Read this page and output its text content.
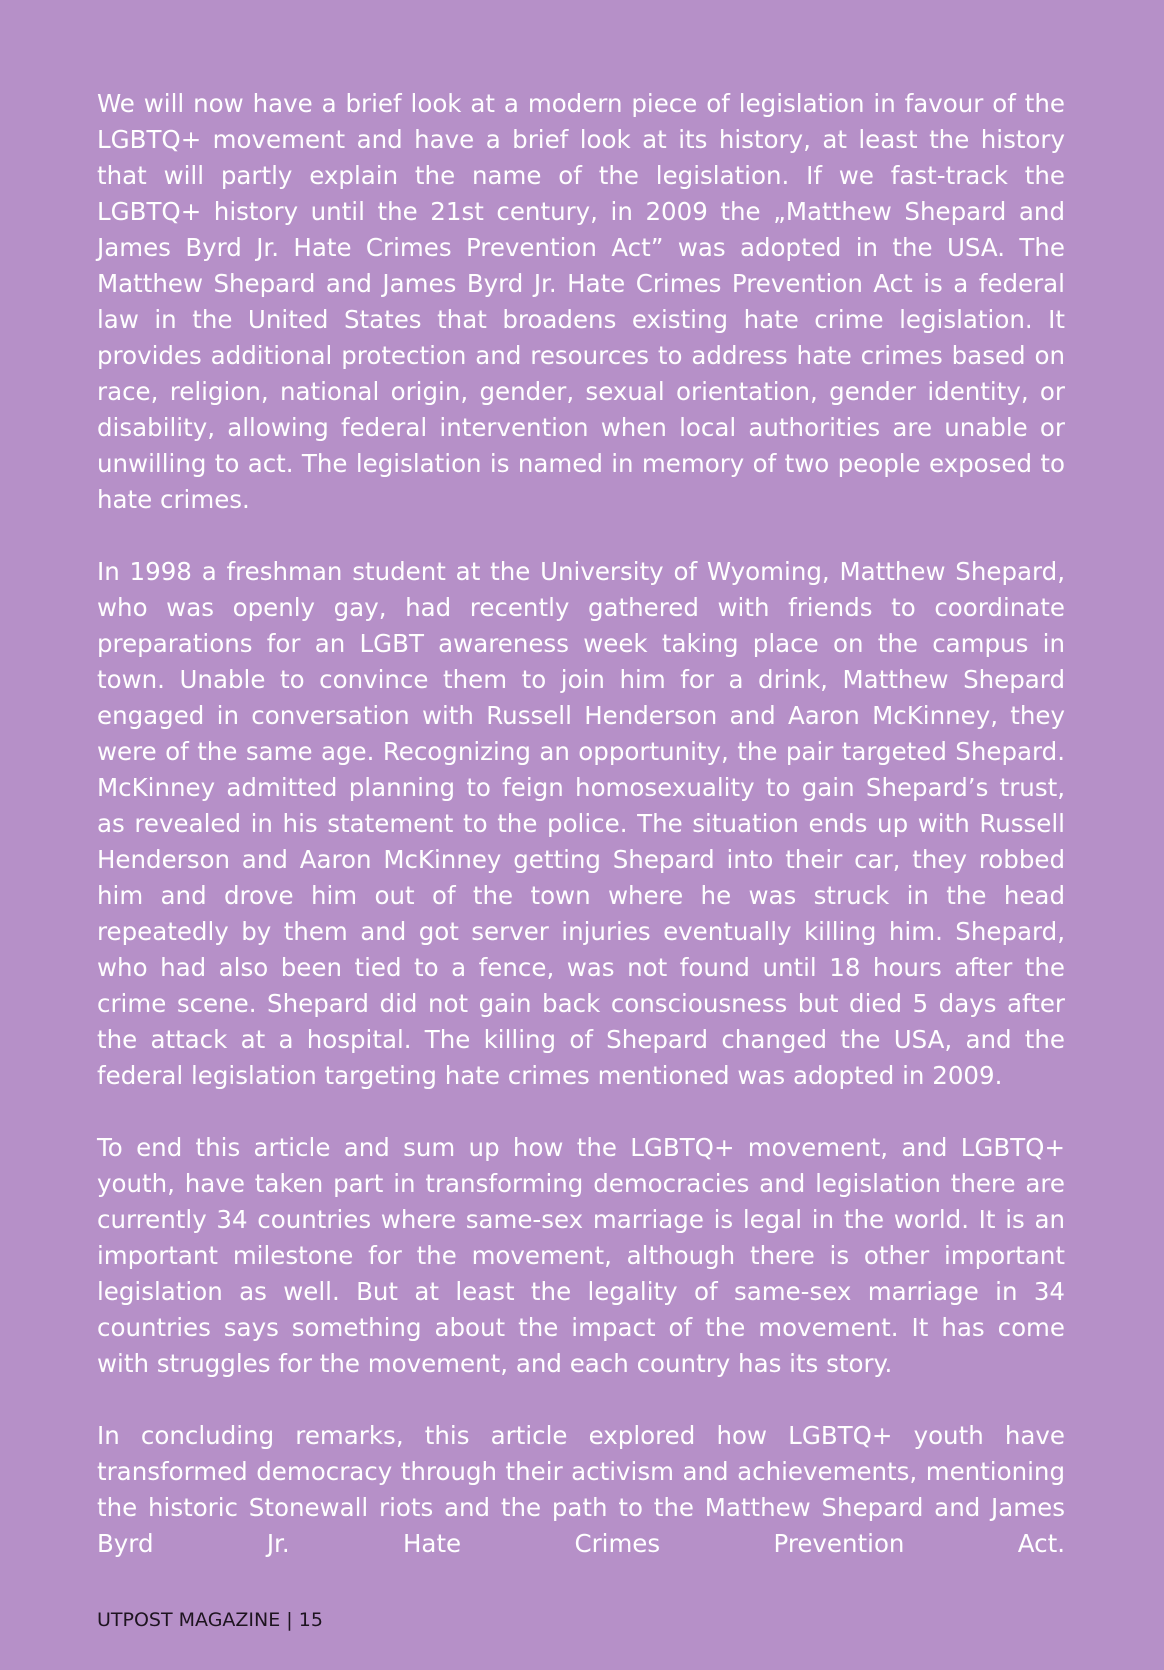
We will now have a brief look at a modern piece of legislation in favour of the LGBTQ+ movement and have a brief look at its history, at least the history that will partly explain the name of the legislation. If we fast-track the LGBTQ+ history until the 21st century, in 2009 the „Matthew Shepard and James Byrd Jr. Hate Crimes Prevention Act” was adopted in the USA. The Matthew Shepard and James Byrd Jr. Hate Crimes Prevention Act is a federal law in the United States that broadens existing hate crime legislation. It provides additional protection and resources to address hate crimes based on race, religion, national origin, gender, sexual orientation, gender identity, or disability, allowing federal intervention when local authorities are unable or unwilling to act. The legislation is named in memory of two people exposed to hate crimes.

In 1998 a freshman student at the University of Wyoming, Matthew Shepard, who was openly gay, had recently gathered with friends to coordinate preparations for an LGBT awareness week taking place on the campus in town. Unable to convince them to join him for a drink, Matthew Shepard engaged in conversation with Russell Henderson and Aaron McKinney, they were of the same age. Recognizing an opportunity, the pair targeted Shepard. McKinney admitted planning to feign homosexuality to gain Shepard’s trust, as revealed in his statement to the police. The situation ends up with Russell Henderson and Aaron McKinney getting Shepard into their car, they robbed him and drove him out of the town where he was struck in the head repeatedly by them and got server injuries eventually killing him. Shepard, who had also been tied to a fence, was not found until 18 hours after the crime scene. Shepard did not gain back consciousness but died 5 days after the attack at a hospital. The killing of Shepard changed the USA, and the federal legislation targeting hate crimes mentioned was adopted in 2009.

To end this article and sum up how the LGBTQ+ movement, and LGBTQ+ youth, have taken part in transforming democracies and legislation there are currently 34 countries where same-sex marriage is legal in the world. It is an important milestone for the movement, although there is other important legislation as well. But at least the legality of same-sex marriage in 34 countries says something about the impact of the movement. It has come with struggles for the movement, and each country has its story.

In concluding remarks, this article explored how LGBTQ+ youth have transformed democracy through their activism and achievements, mentioning the historic Stonewall riots and the path to the Matthew Shepard and James Byrd Jr. Hate Crimes Prevention Act.

UTPOST MAGAZINE | 15
